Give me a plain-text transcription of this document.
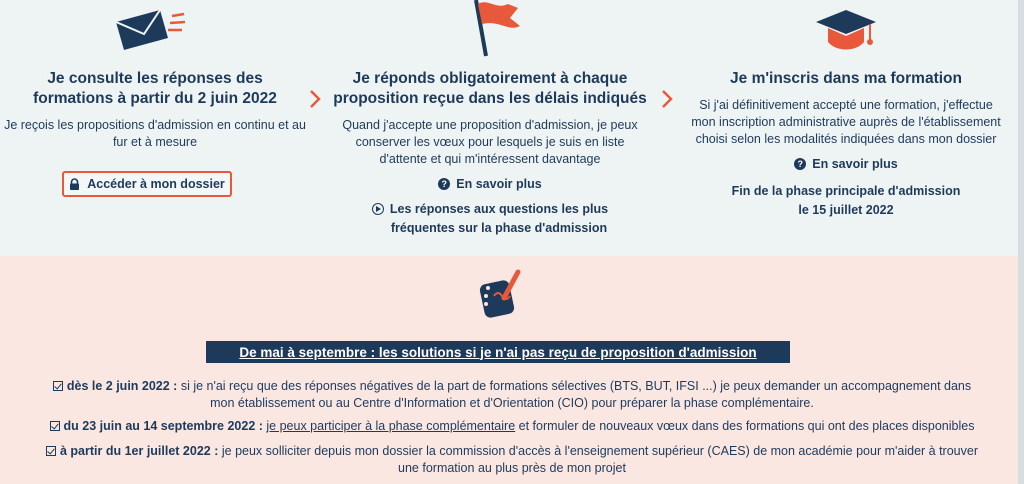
Je consulte les réponses des
formations à partir du 2 juin 2022

Je reçois les propositions d'admission en continu et au

fur et à mesure

Accéder à mon dossier
Je réponds obligatoirement à chaque
proposition reçue dans les délais indiqués

Quand j'accepte une proposition d'admission, je peux

conserver les vœux pour lesquels je suis en liste

d'attente et qui m'intéressent davantage

? En savoir plus
Les réponses aux questions les plus
fréquentes sur la phase d'admission
Je m'inscris dans ma formation

Si j'ai définitivement accepté une formation, j'effectue

mon inscription administrative auprès de l'établissement

choisi selon les modalités indiquées dans mon dossier

? En savoir plus
Fin de la phase principale d'admission
le 15 juillet 2022
De mai à septembre : les solutions si je n'ai pas reçu de proposition d'admission
dès le 2 juin 2022 : si je n'ai reçu que des réponses négatives de la part de formations sélectives (BTS, BUT, IFSI ...) je peux demander un accompagnement dans
mon établissement ou au Centre d'Information et d'Orientation (CIO) pour préparer la phase complémentaire.
du 23 juin au 14 septembre 2022 : je peux participer à la phase complémentaire et formuler de nouveaux vœux dans des formations qui ont des places disponibles
à partir du 1er juillet 2022 : je peux solliciter depuis mon dossier la commission d'accès à l'enseignement supérieur (CAES) de mon académie pour m'aider à trouver
une formation au plus près de mon projet
